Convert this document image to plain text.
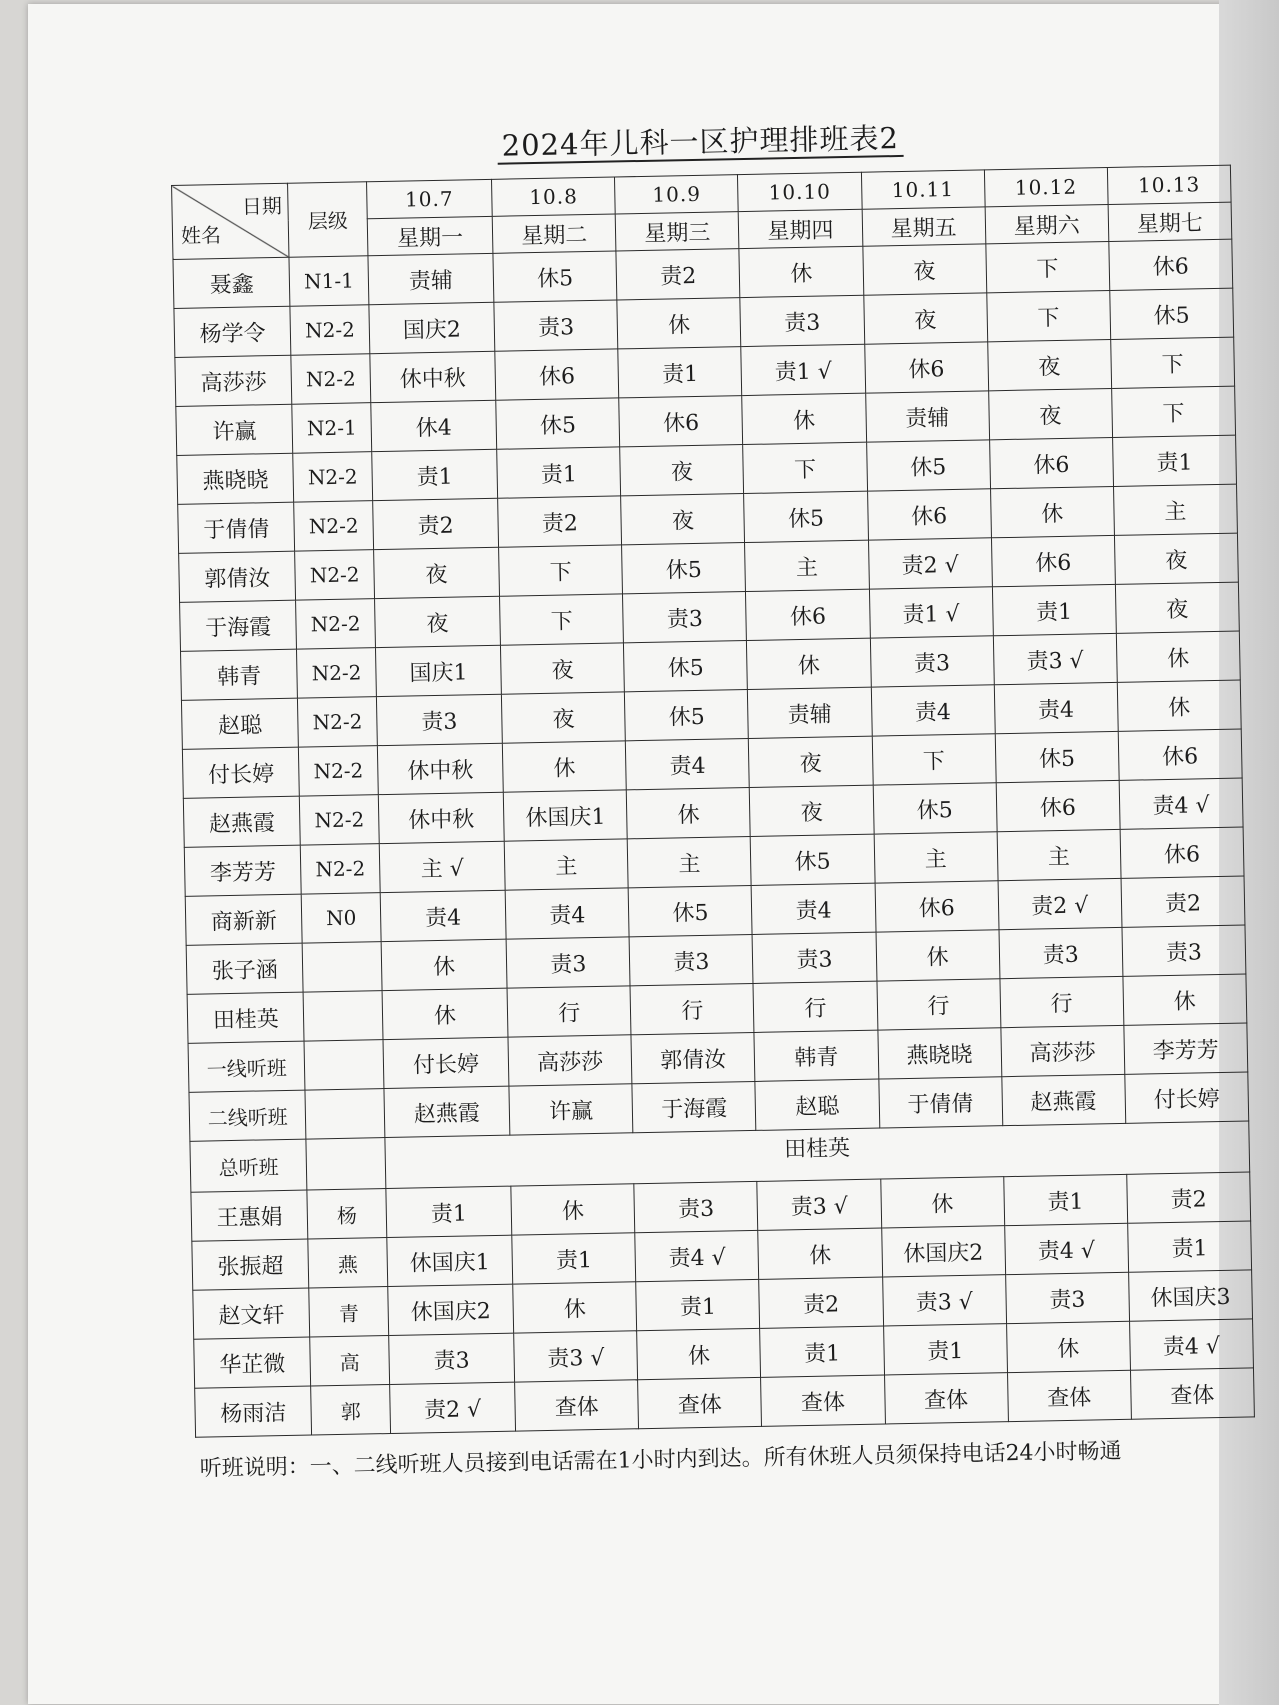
2024年儿科一区护理排班表2
日期
姓名	层级	10.7	10.8	10.9	10.10	10.11	10.12	10.13
		星期一	星期二	星期三	星期四	星期五	星期六	星期七
聂鑫	N1-1	责辅	休5	责2	休	夜	下	休6
杨学令	N2-2	国庆2	责3	休	责3	夜	下	休5
高莎莎	N2-2	休中秋	休6	责1	责1 √	休6	夜	下
许赢	N2-1	休4	休5	休6	休	责辅	夜	下
燕晓晓	N2-2	责1	责1	夜	下	休5	休6	责1
于倩倩	N2-2	责2	责2	夜	休5	休6	休	主
郭倩汝	N2-2	夜	下	休5	主	责2 √	休6	夜
于海霞	N2-2	夜	下	责3	休6	责1 √	责1	夜
韩青	N2-2	国庆1	夜	休5	休	责3	责3 √	休
赵聪	N2-2	责3	夜	休5	责辅	责4	责4	休
付长婷	N2-2	休中秋	休	责4	夜	下	休5	休6
赵燕霞	N2-2	休中秋	休国庆1	休	夜	休5	休6	责4 √
李芳芳	N2-2	主 √	主	主	休5	主	主	休6
商新新	N0	责4	责4	休5	责4	休6	责2 √	责2
张子涵		休	责3	责3	责3	休	责3	责3
田桂英		休	行	行	行	行	行	休
一线听班		付长婷	高莎莎	郭倩汝	韩青	燕晓晓	高莎莎	李芳芳
二线听班		赵燕霞	许赢	于海霞	赵聪	于倩倩	赵燕霞	付长婷
总听班		田桂英						
王惠娟	杨	责1	休	责3	责3 √	休	责1	责2
张振超	燕	休国庆1	责1	责4 √	休	休国庆2	责4 √	责1
赵文轩	青	休国庆2	休	责1	责2	责3 √	责3	休国庆3
华芷微	高	责3	责3 √	休	责1	责1	休	责4 √
杨雨洁	郭	责2 √	查体	查体	查体	查体	查体	查体
听班说明：一、二线听班人员接到电话需在1小时内到达。所有休班人员须保持电话24小时畅通
